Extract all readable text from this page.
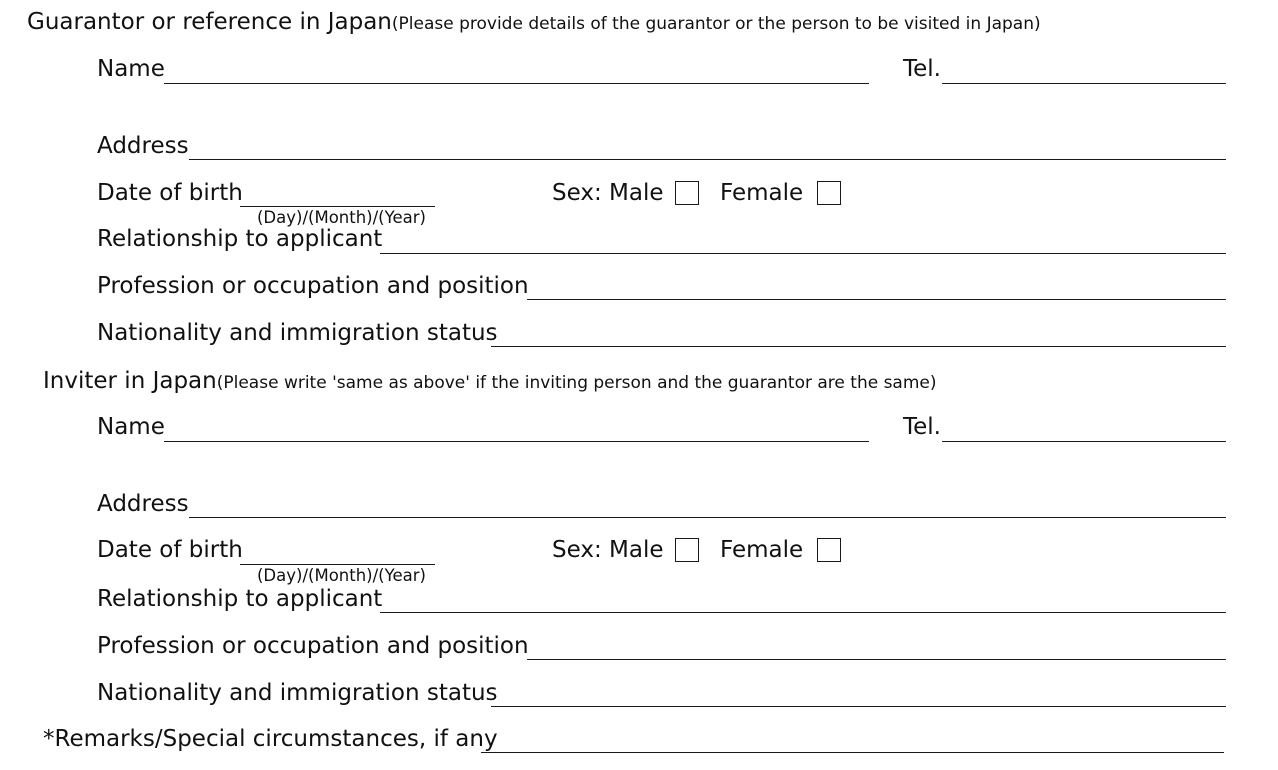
Guarantor or reference in Japan(Please provide details of the guarantor or the person to be visited in Japan)
Name	Tel.
Address
Date of birth
(Day)/(Month)/(Year)
Sex: Male Female
Relationship to applicant
Profession or occupation and position
Nationality and immigration status
Inviter in Japan(Please write 'same as above' if the inviting person and the guarantor are the same)
Name	Tel.
Address
Date of birth
(Day)/(Month)/(Year)
Sex: Male Female
Relationship to applicant
Profession or occupation and position
Nationality and immigration status
*Remarks/Special circumstances, if any
